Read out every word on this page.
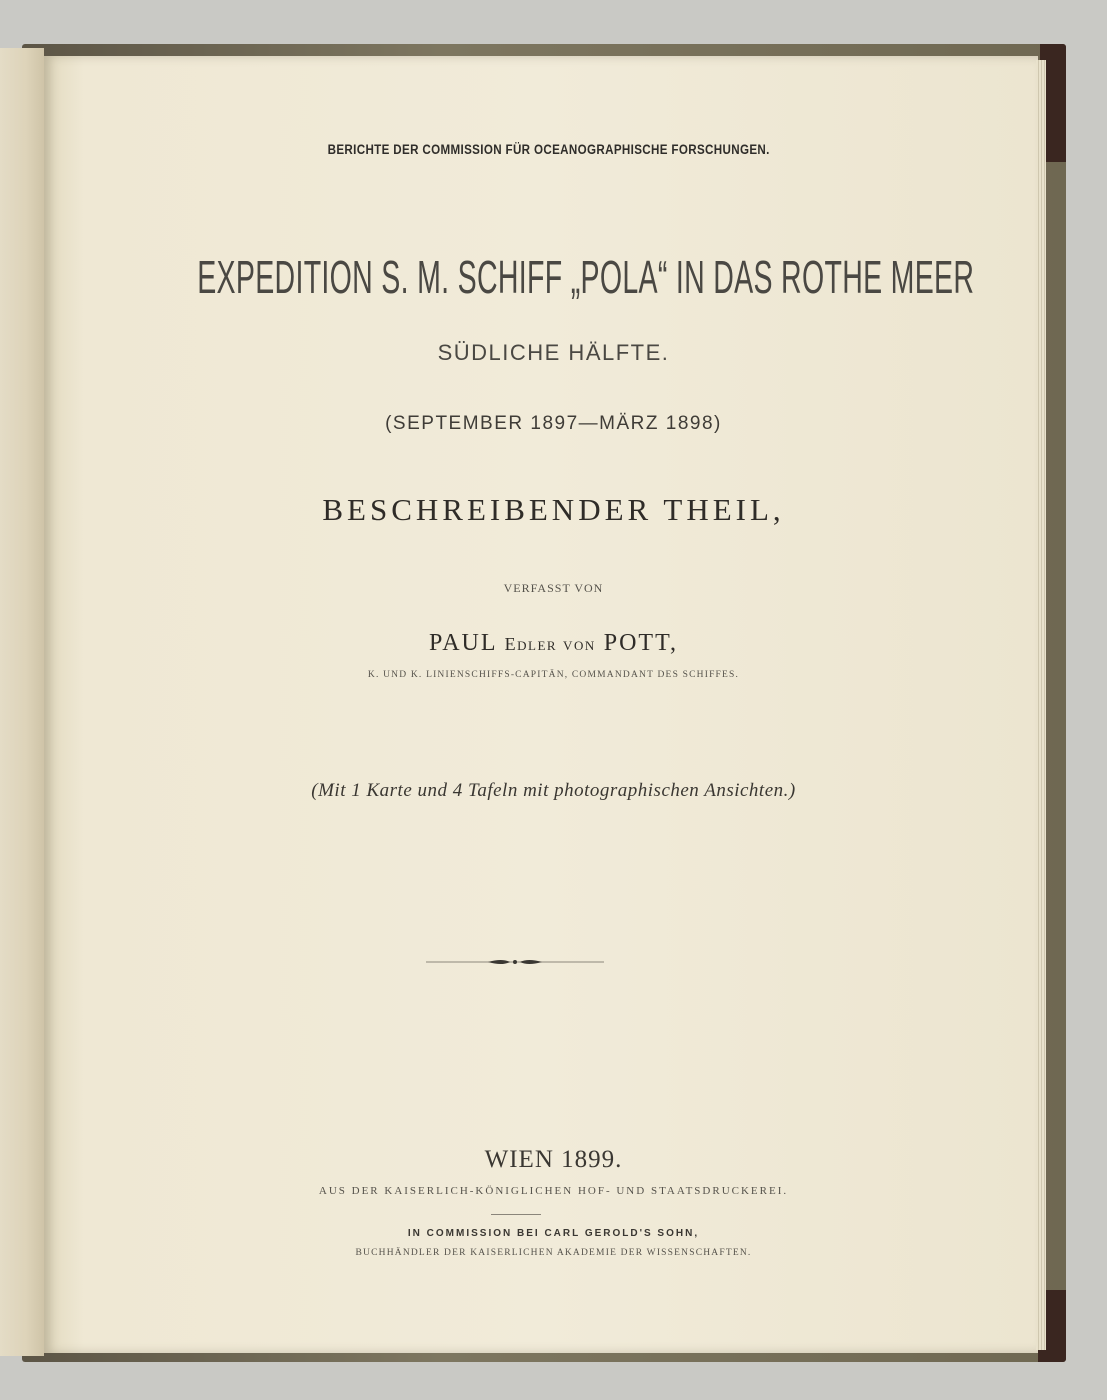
BERICHTE DER COMMISSION FÜR OCEANOGRAPHISCHE FORSCHUNGEN.

EXPEDITION S. M. SCHIFF „POLA“ IN DAS ROTHE MEER

SÜDLICHE HÄLFTE.

(SEPTEMBER 1897—MÄRZ 1898)

BESCHREIBENDER THEIL,

VERFASST VON

PAUL Edler von POTT,

K. UND K. LINIENSCHIFFS-CAPITÄN, COMMANDANT DES SCHIFFES.

(Mit 1 Karte und 4 Tafeln mit photographischen Ansichten.)

WIEN 1899.

AUS DER KAISERLICH-KÖNIGLICHEN HOF- UND STAATSDRUCKEREI.

IN COMMISSION BEI CARL GEROLD'S SOHN,

BUCHHÄNDLER DER KAISERLICHEN AKADEMIE DER WISSENSCHAFTEN.
